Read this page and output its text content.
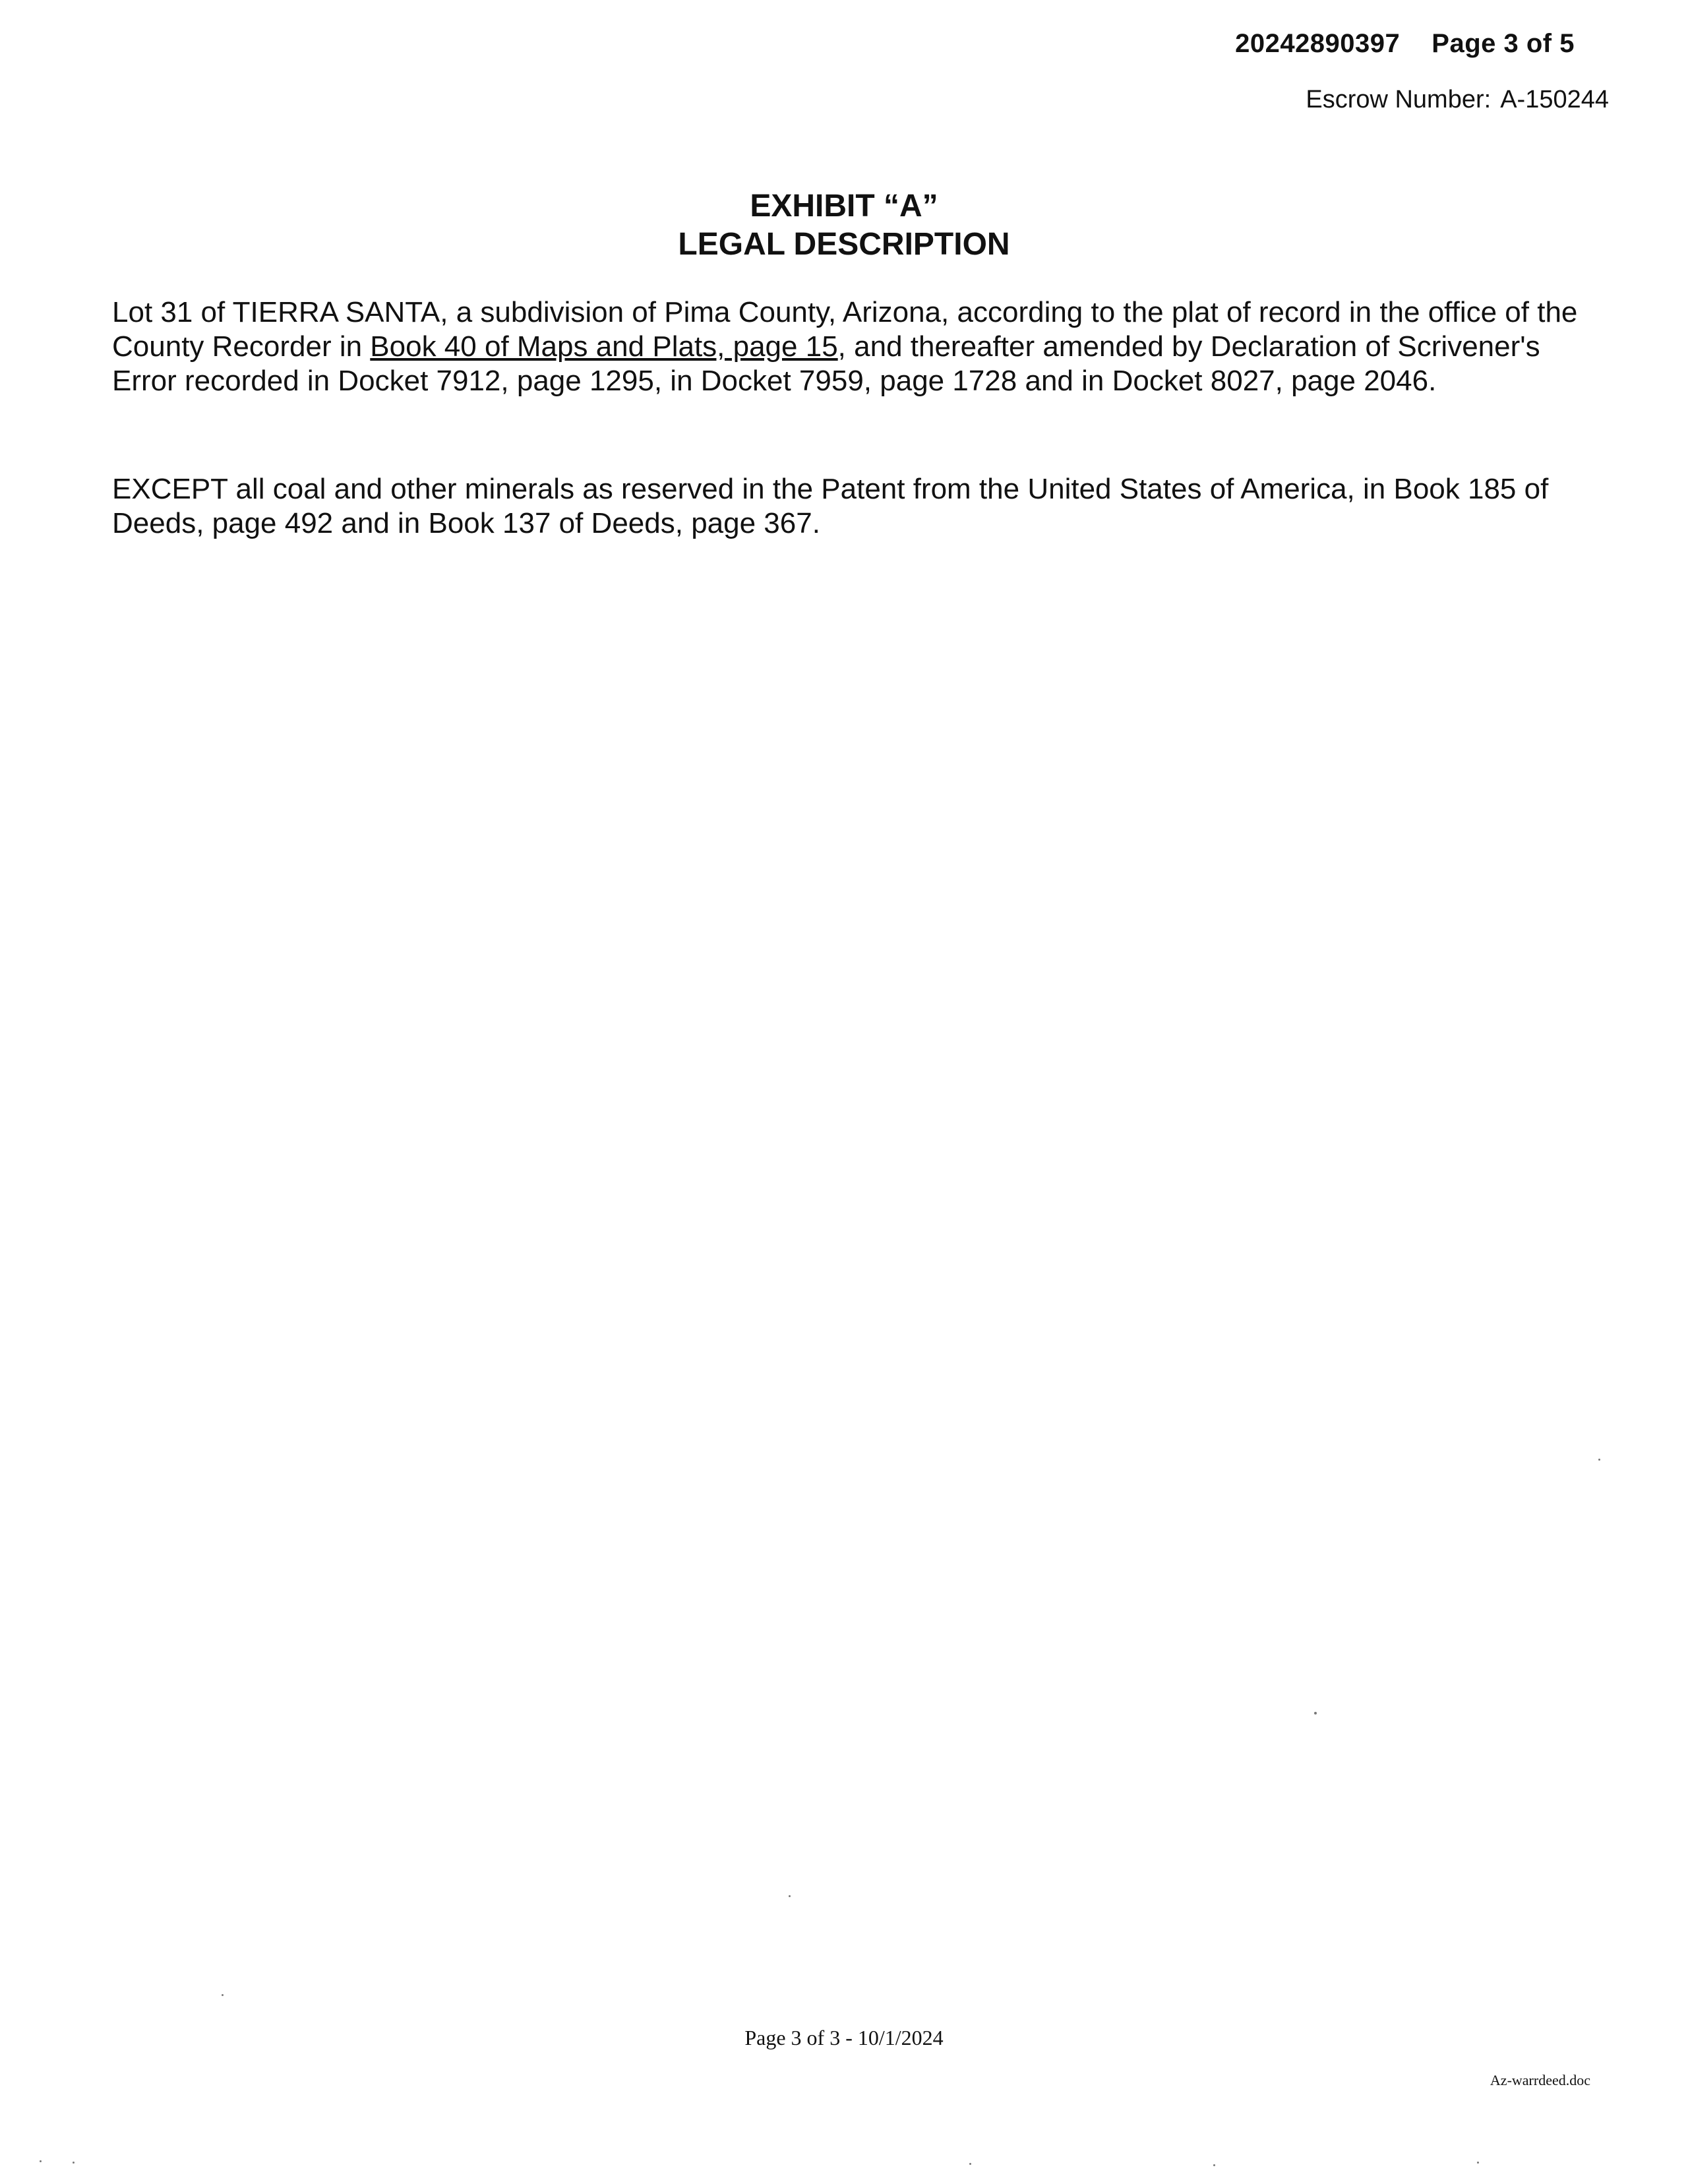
20242890397 Page 3 of 5
Escrow Number: A-150244
EXHIBIT “A”
LEGAL DESCRIPTION
Lot 31 of TIERRA SANTA, a subdivision of Pima County, Arizona, according to the plat of record in the office of the County Recorder in Book 40 of Maps and Plats, page 15, and thereafter amended by Declaration of Scrivener's Error recorded in Docket 7912, page 1295, in Docket 7959, page 1728 and in Docket 8027, page 2046.
EXCEPT all coal and other minerals as reserved in the Patent from the United States of America, in Book 185 of Deeds, page 492 and in Book 137 of Deeds, page 367.
Page 3 of 3 - 10/1/2024
Az-warrdeed.doc
